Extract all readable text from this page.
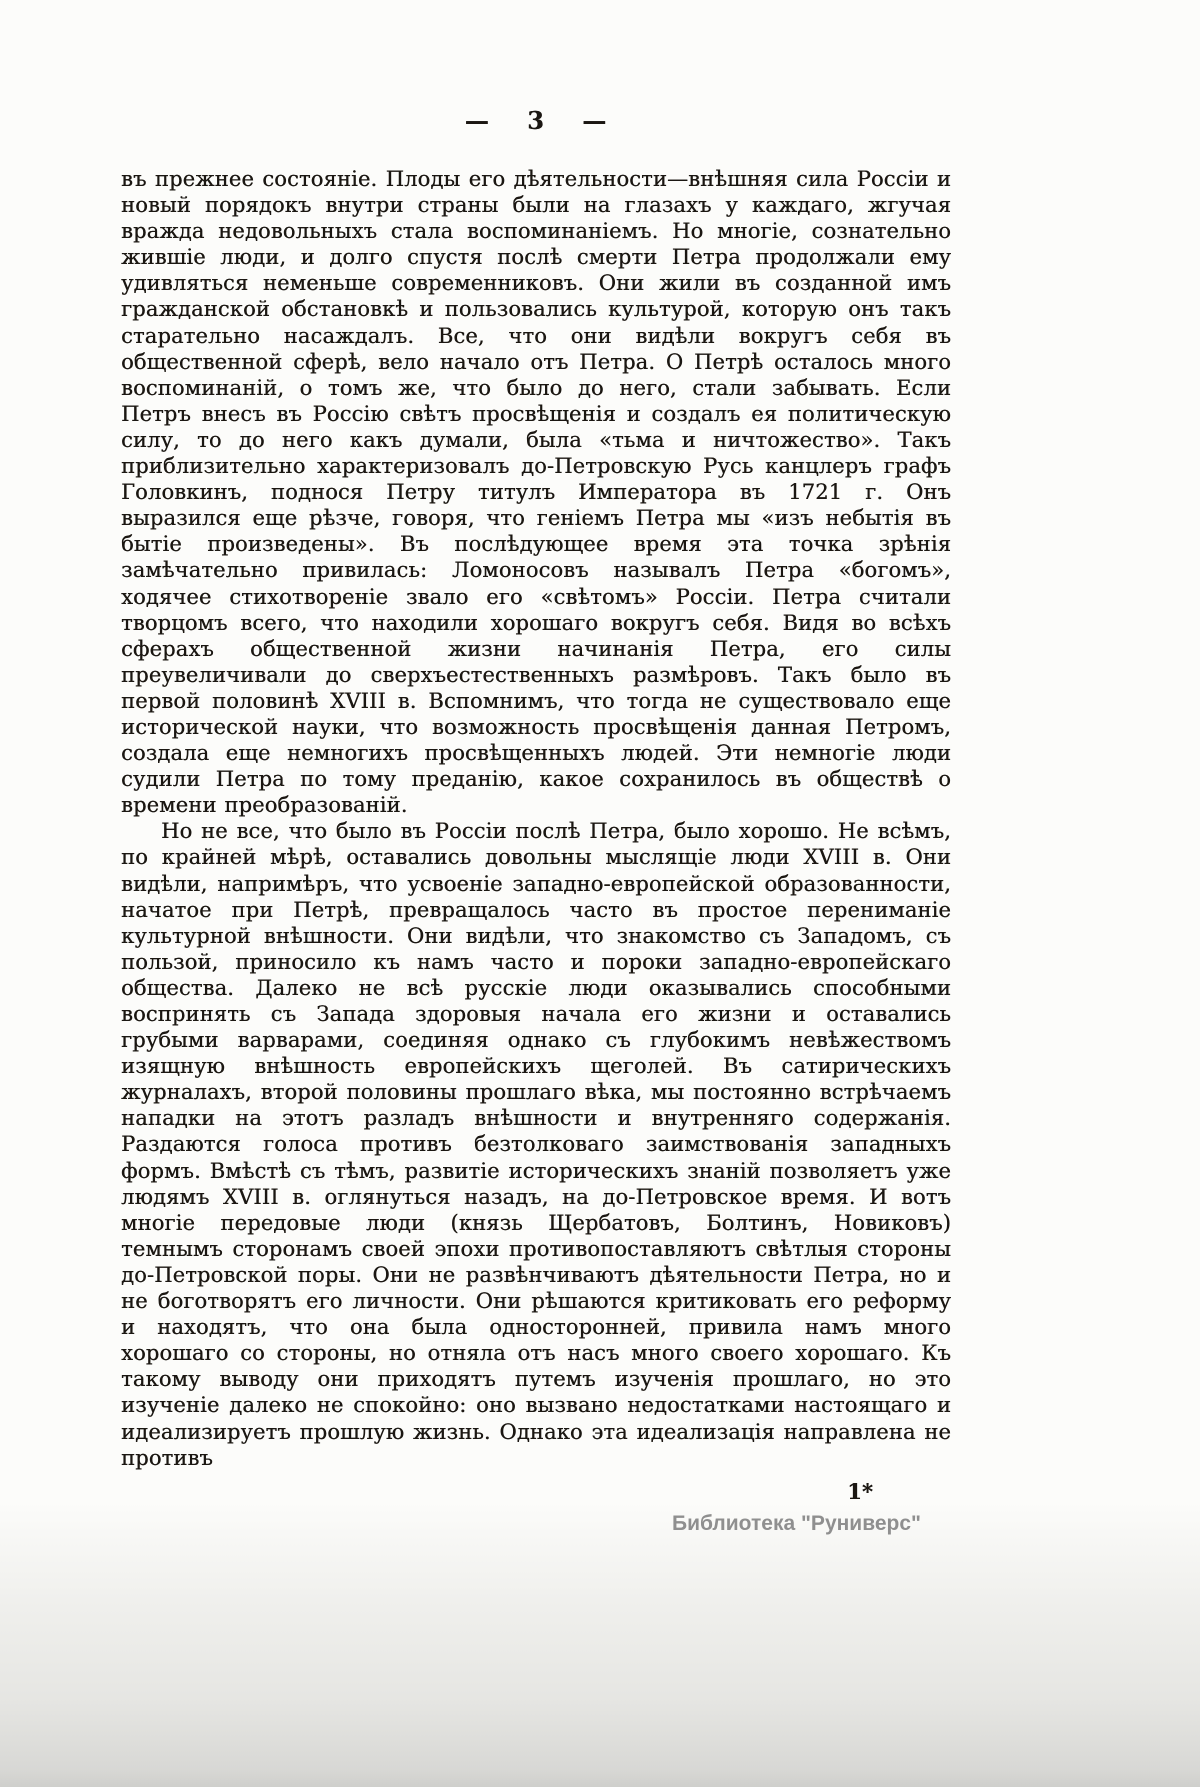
— 3 —

въ прежнее состояніе. Плоды его дѣятельности—внѣшняя сила Россіи и новый порядокъ внутри страны были на глазахъ у каждаго, жгучая вражда недовольныхъ стала воспоминаніемъ. Но многіе, сознательно жившіе люди, и долго спустя послѣ смерти Петра продолжали ему удивляться неменьше современниковъ. Они жили въ созданной имъ гражданской обстановкѣ и пользовались культурой, которую онъ такъ старательно насаждалъ. Все, что они видѣли вокругъ себя въ общественной сферѣ, вело начало отъ Петра. О Петрѣ осталось много воспоминаній, о томъ же, что было до него, стали забывать. Если Петръ внесъ въ Россію свѣтъ просвѣщенія и создалъ ея политическую силу, то до него какъ думали, была «тьма и ничтожество». Такъ приблизительно характеризовалъ до-Петровскую Русь канцлеръ графъ Головкинъ, поднося Петру титулъ Императора въ 1721 г. Онъ выразился еще рѣзче, говоря, что геніемъ Петра мы «изъ небытія въ бытіе произведены». Въ послѣдующее время эта точка зрѣнія замѣчательно привилась: Ломоносовъ называлъ Петра «богомъ», ходячее стихотвореніе звало его «свѣтомъ» Россіи. Петра считали творцомъ всего, что находили хорошаго вокругъ себя. Видя во всѣхъ сферахъ общественной жизни начинанія Петра, его силы преувеличивали до сверхъестественныхъ размѣровъ. Такъ было въ первой половинѣ XVIII в. Вспомнимъ, что тогда не существовало еще исторической науки, что возможность просвѣщенія данная Петромъ, создала еще немногихъ просвѣщенныхъ людей. Эти немногіе люди судили Петра по тому преданію, какое сохранилось въ обществѣ о времени преобразованій.

Но не все, что было въ Россіи послѣ Петра, было хорошо. Не всѣмъ, по крайней мѣрѣ, оставались довольны мыслящіе люди XVIII в. Они видѣли, напримѣръ, что усвоеніе западно-европейской образованности, начатое при Петрѣ, превращалось часто въ простое перениманіе культурной внѣшности. Они видѣли, что знакомство съ Западомъ, съ пользой, приносило къ намъ часто и пороки западно-европейскаго общества. Далеко не всѣ русскіе люди оказывались способными воспринять съ Запада здоровыя начала его жизни и оставались грубыми варварами, соединяя однако съ глубокимъ невѣжествомъ изящную внѣшность европейскихъ щеголей. Въ сатирическихъ журналахъ, второй половины прошлаго вѣка, мы постоянно встрѣчаемъ нападки на этотъ разладъ внѣшности и внутренняго содержанія. Раздаются голоса противъ безтолковаго заимствованія западныхъ формъ. Вмѣстѣ съ тѣмъ, развитіе историческихъ знаній позволяетъ уже людямъ XVIII в. оглянуться назадъ, на до-Петровское время. И вотъ многіе передовые люди (князь Щербатовъ, Болтинъ, Новиковъ) темнымъ сторонамъ своей эпохи противопоставляютъ свѣтлыя стороны до-Петровской поры. Они не развѣнчиваютъ дѣятельности Петра, но и не боготворятъ его личности. Они рѣшаются критиковать его реформу и находятъ, что она была односторонней, привила намъ много хорошаго со стороны, но отняла отъ насъ много своего хорошаго. Къ такому выводу они приходятъ путемъ изученія прошлаго, но это изученіе далеко не спокойно: оно вызвано недостатками настоящаго и идеализируетъ прошлую жизнь. Однако эта идеализація направлена не противъ

1*
Библиотека "Руниверс"
